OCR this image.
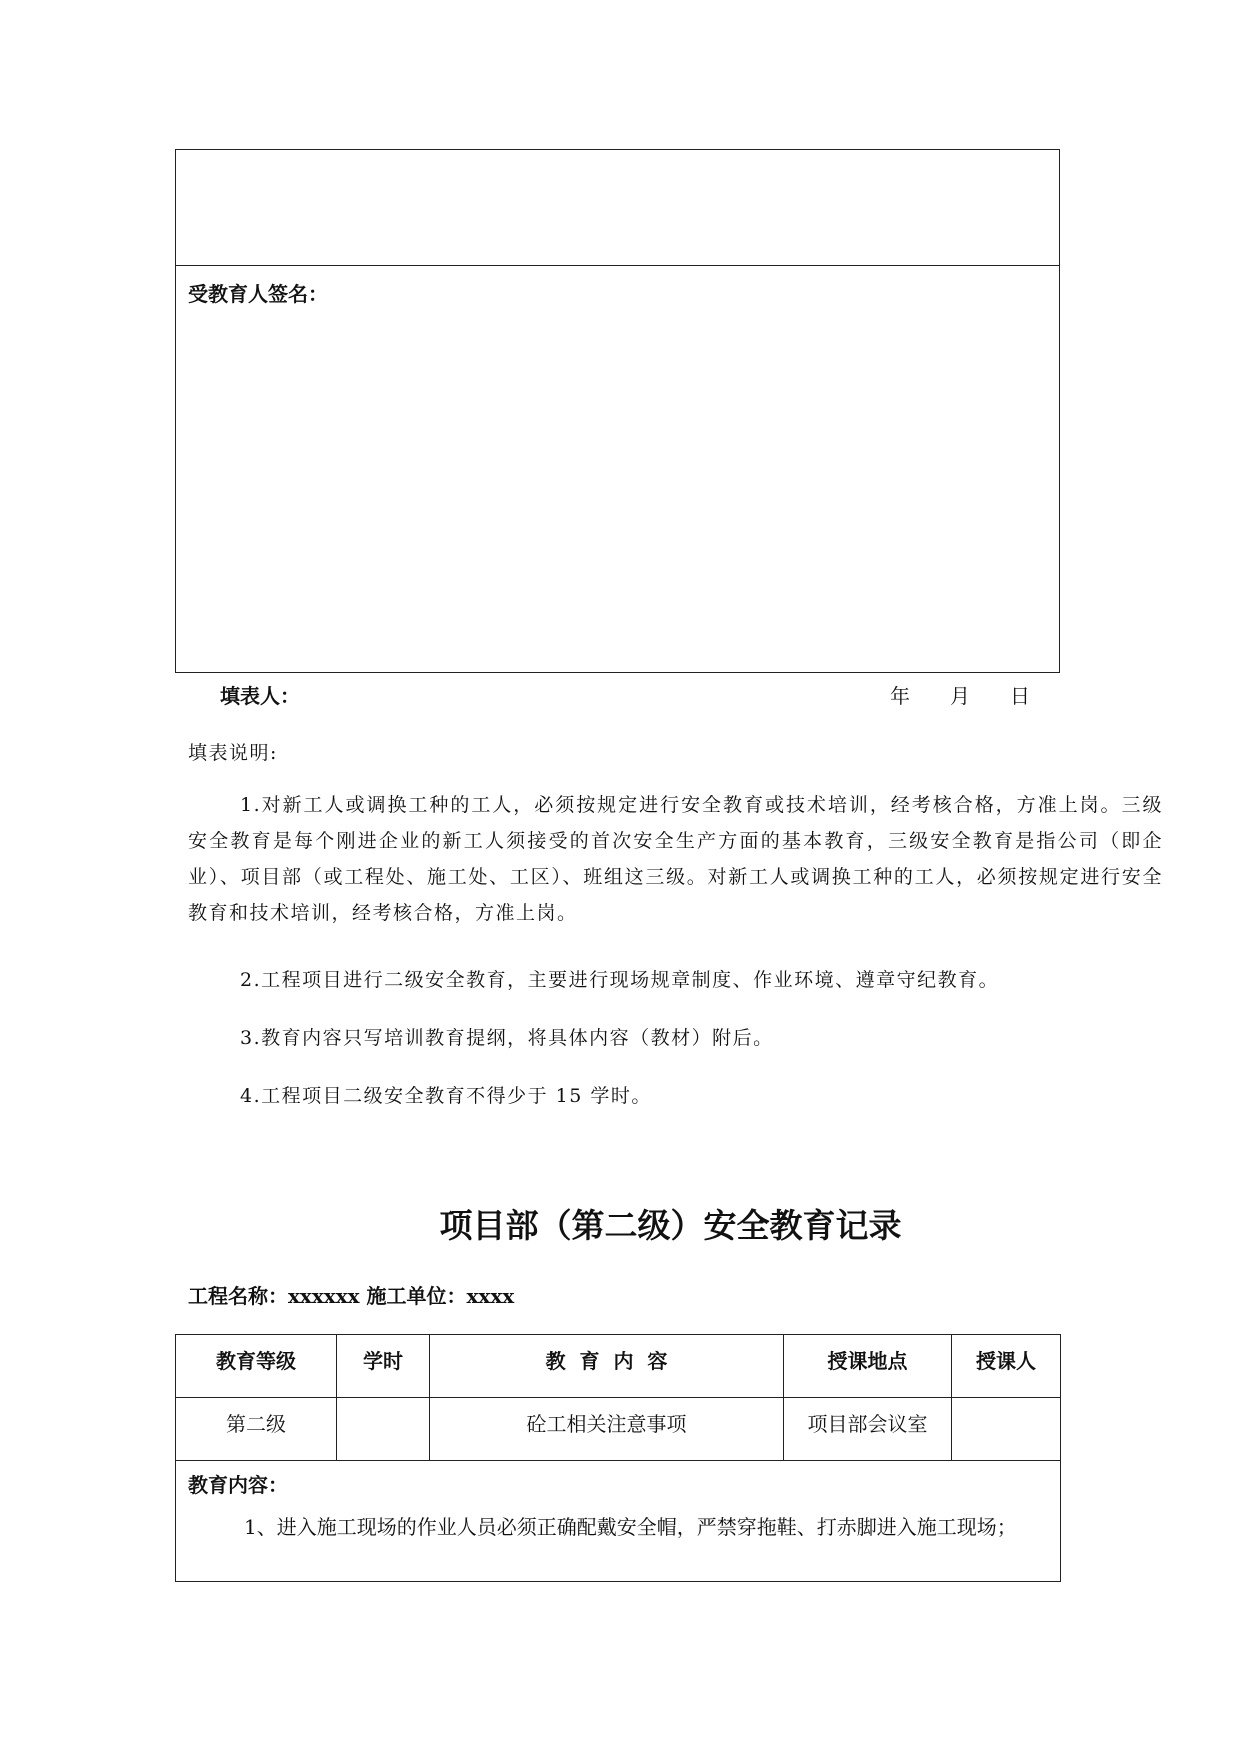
受教育人签名：
填表人：	年 月 日
填表说明:
1.对新工人或调换工种的工人，必须按规定进行安全教育或技术培训，经考核合格，方准上岗。三级安全教育是每个刚进企业的新工人须接受的首次安全生产方面的基本教育，三级安全教育是指公司（即企业）、项目部（或工程处、施工处、工区）、班组这三级。对新工人或调换工种的工人，必须按规定进行安全教育和技术培训，经考核合格，方准上岗。
2.工程项目进行二级安全教育，主要进行现场规章制度、作业环境、遵章守纪教育。
3.教育内容只写培训教育提纲，将具体内容（教材）附后。
4.工程项目二级安全教育不得少于 15 学时。
项目部（第二级）安全教育记录
工程名称：xxxxxx 施工单位：xxxx
教育等级	学时	教  育  内  容	授课地点	授课人
第二级		砼工相关注意事项	项目部会议室	

教育内容：
1、进入施工现场的作业人员必须正确配戴安全帽，严禁穿拖鞋、打赤脚进入施工现场；				
